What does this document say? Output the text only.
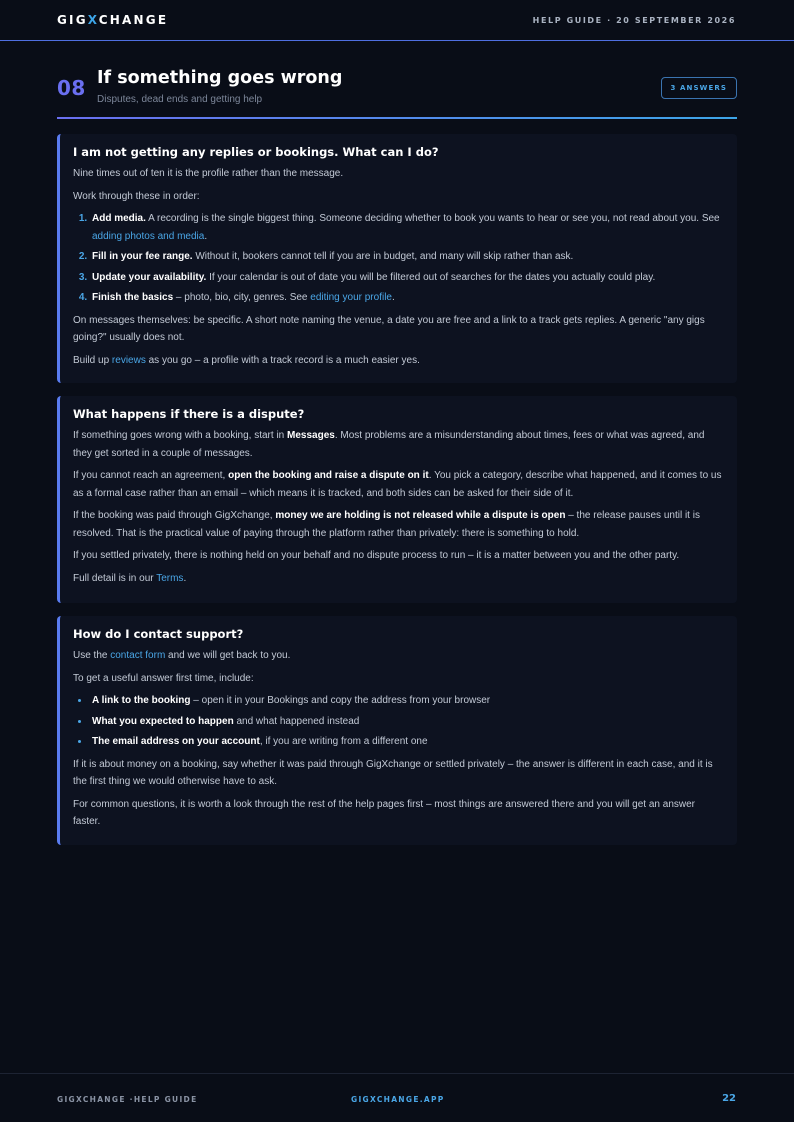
GIGXCHANGE	HELP GUIDE · 20 SEPTEMBER 2026
08 If something goes wrong
Disputes, dead ends and getting help
3 ANSWERS
I am not getting any replies or bookings. What can I do?

Nine times out of ten it is the profile rather than the message.

Work through these in order:

1. Add media. A recording is the single biggest thing. Someone deciding whether to book you wants to hear or see you, not read about you. See adding photos and media.
2. Fill in your fee range. Without it, bookers cannot tell if you are in budget, and many will skip rather than ask.
3. Update your availability. If your calendar is out of date you will be filtered out of searches for the dates you actually could play.
4. Finish the basics – photo, bio, city, genres. See editing your profile.

On messages themselves: be specific. A short note naming the venue, a date you are free and a link to a track gets replies. A generic "any gigs going?" usually does not.

Build up reviews as you go – a profile with a track record is a much easier yes.

What happens if there is a dispute?

If something goes wrong with a booking, start in Messages. Most problems are a misunderstanding about times, fees or what was agreed, and they get sorted in a couple of messages.

If you cannot reach an agreement, open the booking and raise a dispute on it. You pick a category, describe what happened, and it comes to us as a formal case rather than an email – which means it is tracked, and both sides can be asked for their side of it.

If the booking was paid through GigXchange, money we are holding is not released while a dispute is open – the release pauses until it is resolved. That is the practical value of paying through the platform rather than privately: there is something to hold.

If you settled privately, there is nothing held on your behalf and no dispute process to run – it is a matter between you and the other party.

Full detail is in our Terms.

How do I contact support?

Use the contact form and we will get back to you.

To get a useful answer first time, include:

• A link to the booking – open it in your Bookings and copy the address from your browser
• What you expected to happen and what happened instead
• The email address on your account, if you are writing from a different one

If it is about money on a booking, say whether it was paid through GigXchange or settled privately – the answer is different in each case, and it is the first thing we would otherwise have to ask.

For common questions, it is worth a look through the rest of the help pages first – most things are answered there and you will get an answer faster.

GIGXCHANGE ·HELP GUIDE	GIGXCHANGE.APP	22
